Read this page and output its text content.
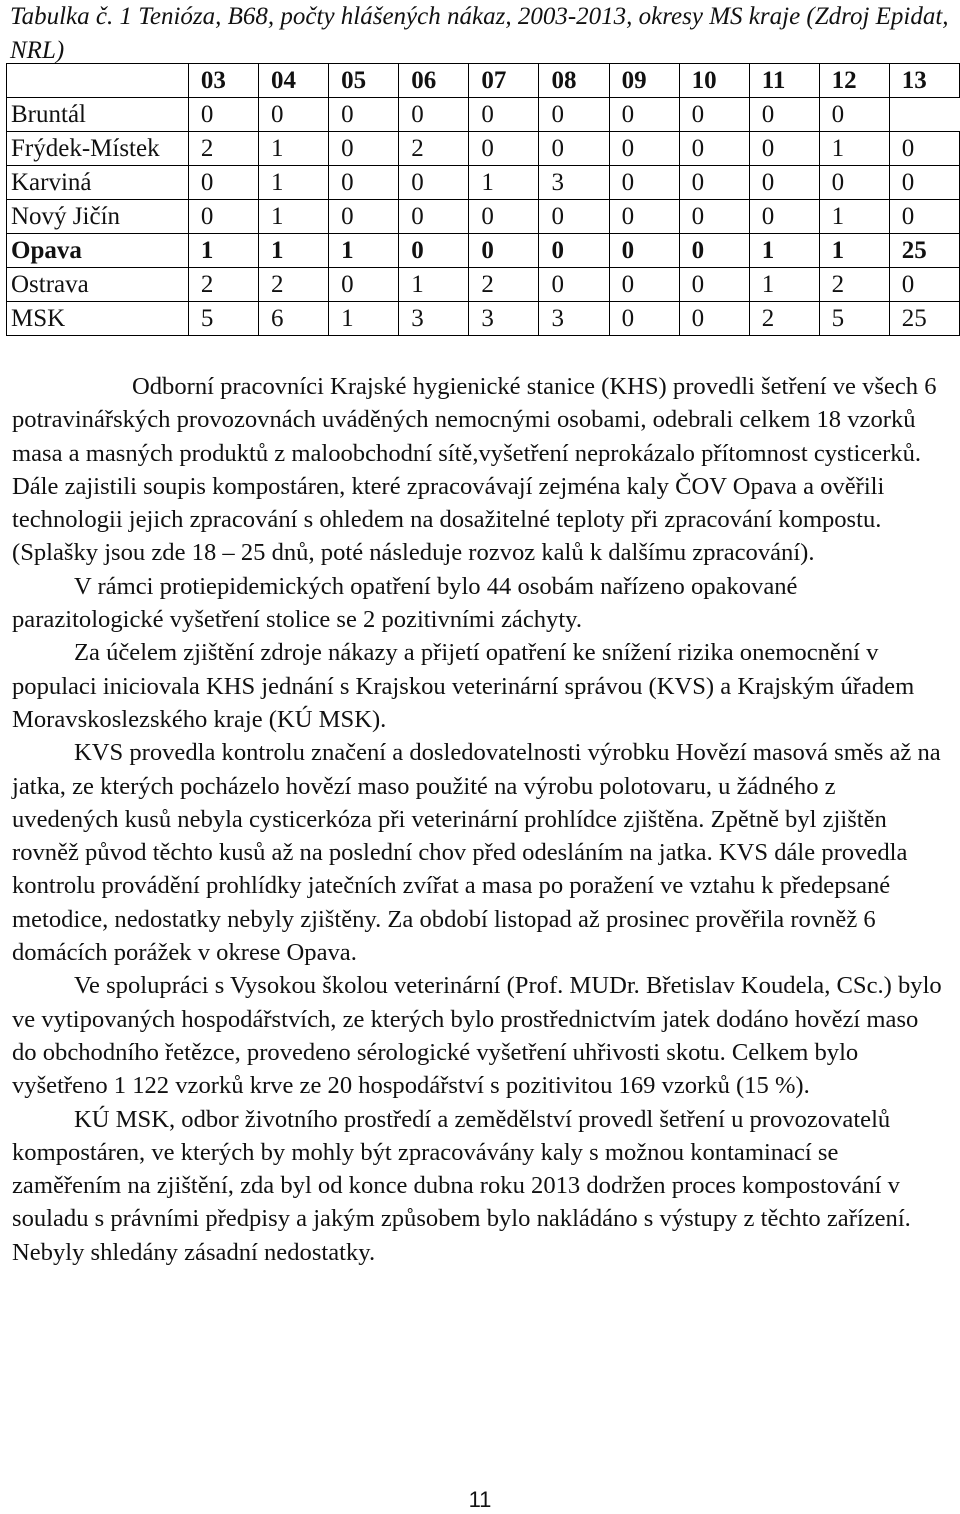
Tabulka č. 1 Tenióza, B68, počty hlášených nákaz, 2003-2013, okresy MS kraje (Zdroj Epidat, NRL)
	03	04	05	06	07	08	09	10	11	12	13
Bruntál	0	0	0	0	0	0	0	0	0	0	
Frýdek-Místek	2	1	0	2	0	0	0	0	0	1	0
Karviná	0	1	0	0	1	3	0	0	0	0	0
Nový Jičín	0	1	0	0	0	0	0	0	0	1	0
Opava	1	1	1	0	0	0	0	0	1	1	25
Ostrava	2	2	0	1	2	0	0	0	1	2	0
MSK	5	6	1	3	3	3	0	0	2	5	25

Odborní pracovníci Krajské hygienické stanice (KHS) provedli šetření ve všech 6 potravinářských provozovnách uváděných nemocnými osobami, odebrali celkem 18 vzorků masa a masných produktů z maloobchodní sítě,vyšetření neprokázalo přítomnost cysticerků. Dále zajistili soupis kompostáren, které zpracovávají zejména kaly ČOV Opava a ověřili technologii jejich zpracování s ohledem na dosažitelné teploty při zpracování kompostu. (Splašky jsou zde 18 – 25 dnů, poté následuje rozvoz kalů k dalšímu zpracování).

V rámci protiepidemických opatření bylo 44 osobám nařízeno opakované parazitologické vyšetření stolice se 2 pozitivními záchyty.

Za účelem zjištění zdroje nákazy a přijetí opatření ke snížení rizika onemocnění v populaci iniciovala KHS jednání s Krajskou veterinární správou (KVS) a Krajským úřadem Moravskoslezského kraje (KÚ MSK).

KVS provedla kontrolu značení a dosledovatelnosti výrobku Hovězí masová směs až na jatka, ze kterých pocházelo hovězí maso použité na výrobu polotovaru, u žádného z uvedených kusů nebyla cysticerkóza při veterinární prohlídce zjištěna. Zpětně byl zjištěn rovněž původ těchto kusů až na poslední chov před odesláním na jatka. KVS dále provedla kontrolu provádění prohlídky jatečních zvířat a masa po poražení ve vztahu k předepsané metodice, nedostatky nebyly zjištěny. Za období listopad až prosinec prověřila rovněž 6 domácích porážek v okrese Opava.

Ve spolupráci s Vysokou školou veterinární (Prof. MUDr. Břetislav Koudela, CSc.) bylo ve vytipovaných hospodářstvích, ze kterých bylo prostřednictvím jatek dodáno hovězí maso do obchodního řetězce, provedeno sérologické vyšetření uhřivosti skotu. Celkem bylo vyšetřeno 1 122 vzorků krve ze 20 hospodářství s pozitivitou 169 vzorků (15 %).

KÚ MSK, odbor životního prostředí a zemědělství provedl šetření u provozovatelů kompostáren, ve kterých by mohly být zpracovávány kaly s možnou kontaminací se zaměřením na zjištění, zda byl od konce dubna roku 2013 dodržen proces kompostování v souladu s právními předpisy a jakým způsobem bylo nakládáno s výstupy z těchto zařízení. Nebyly shledány zásadní nedostatky.

11
